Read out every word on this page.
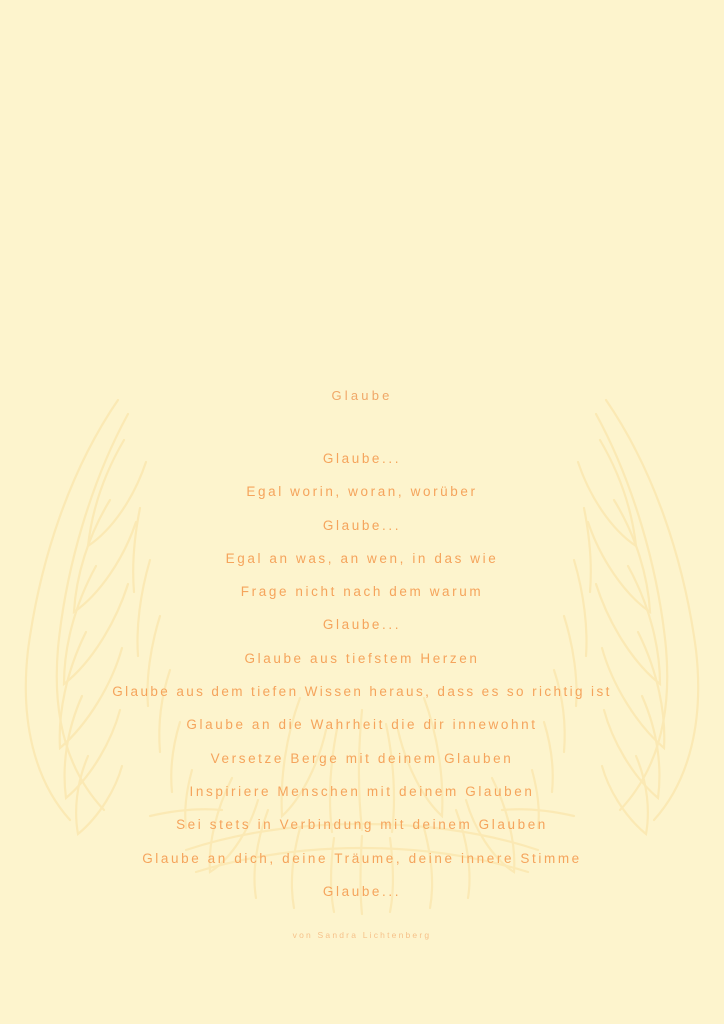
Glaube
Glaube...
Egal worin, woran, worüber
Glaube...
Egal an was, an wen, in das wie
Frage nicht nach dem warum
Glaube...
Glaube aus tiefstem Herzen
Glaube aus dem tiefen Wissen heraus, dass es so richtig ist
Glaube an die Wahrheit die dir innewohnt
Versetze Berge mit deinem Glauben
Inspiriere Menschen mit deinem Glauben
Sei stets in Verbindung mit deinem Glauben
Glaube an dich, deine Träume, deine innere Stimme
Glaube...
von Sandra Lichtenberg
